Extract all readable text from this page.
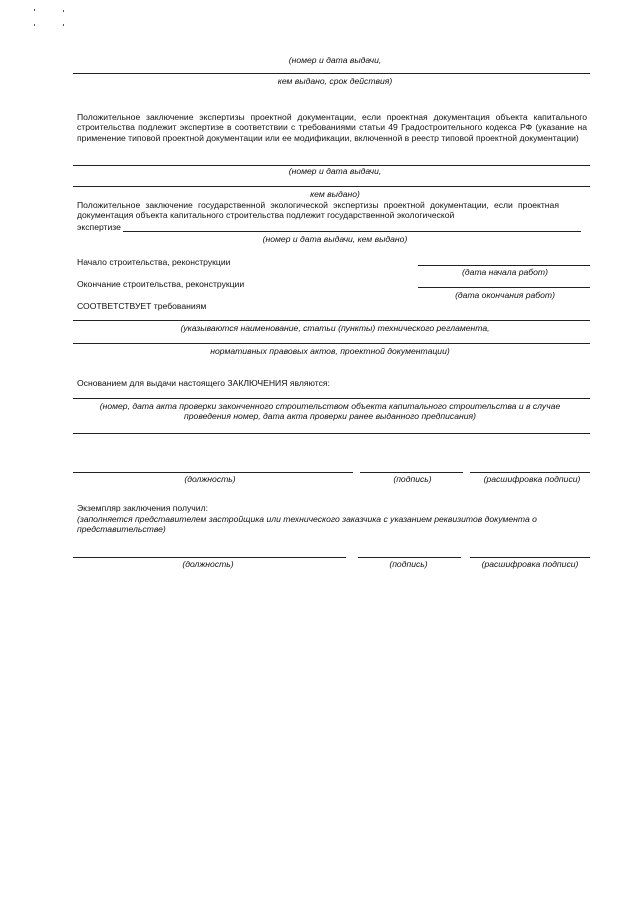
(номер и дата выдачи,
кем выдано, срок действия)
Положительное заключение экспертизы проектной документации, если проектная документация объекта капитального строительства подлежит экспертизе в соответствии с требованиями статьи 49 Градостроительного кодекса РФ (указание на применение типовой проектной документации или ее модификации, включенной в реестр типовой проектной документации)
(номер и дата выдачи,
кем выдано)
Положительное заключение государственной экологической экспертизы проектной документации, если проектная документация объекта капитального строительства подлежит государственной экологической
экспертизе
(номер и дата выдачи, кем выдано)
Начало строительства, реконструкции
(дата начала работ)
Окончание строительства, реконструкции
(дата окончания работ)
СООТВЕТСТВУЕТ требованиям
(указываются наименование, статьи (пункты) технического регламента,
нормативных правовых актов, проектной документации)
Основанием для выдачи настоящего ЗАКЛЮЧЕНИЯ являются:
(номер, дата акта проверки законченного строительством объекта капитального строительства и в случае проведения номер, дата акта проверки ранее выданного предписания)
(должность)	(подпись)	(расшифровка подписи)
Экземпляр заключения получил:
(заполняется представителем застройщика или технического заказчика с указанием реквизитов документа о представительстве)
(должность)	(подпись)	(расшифровка подписи)
